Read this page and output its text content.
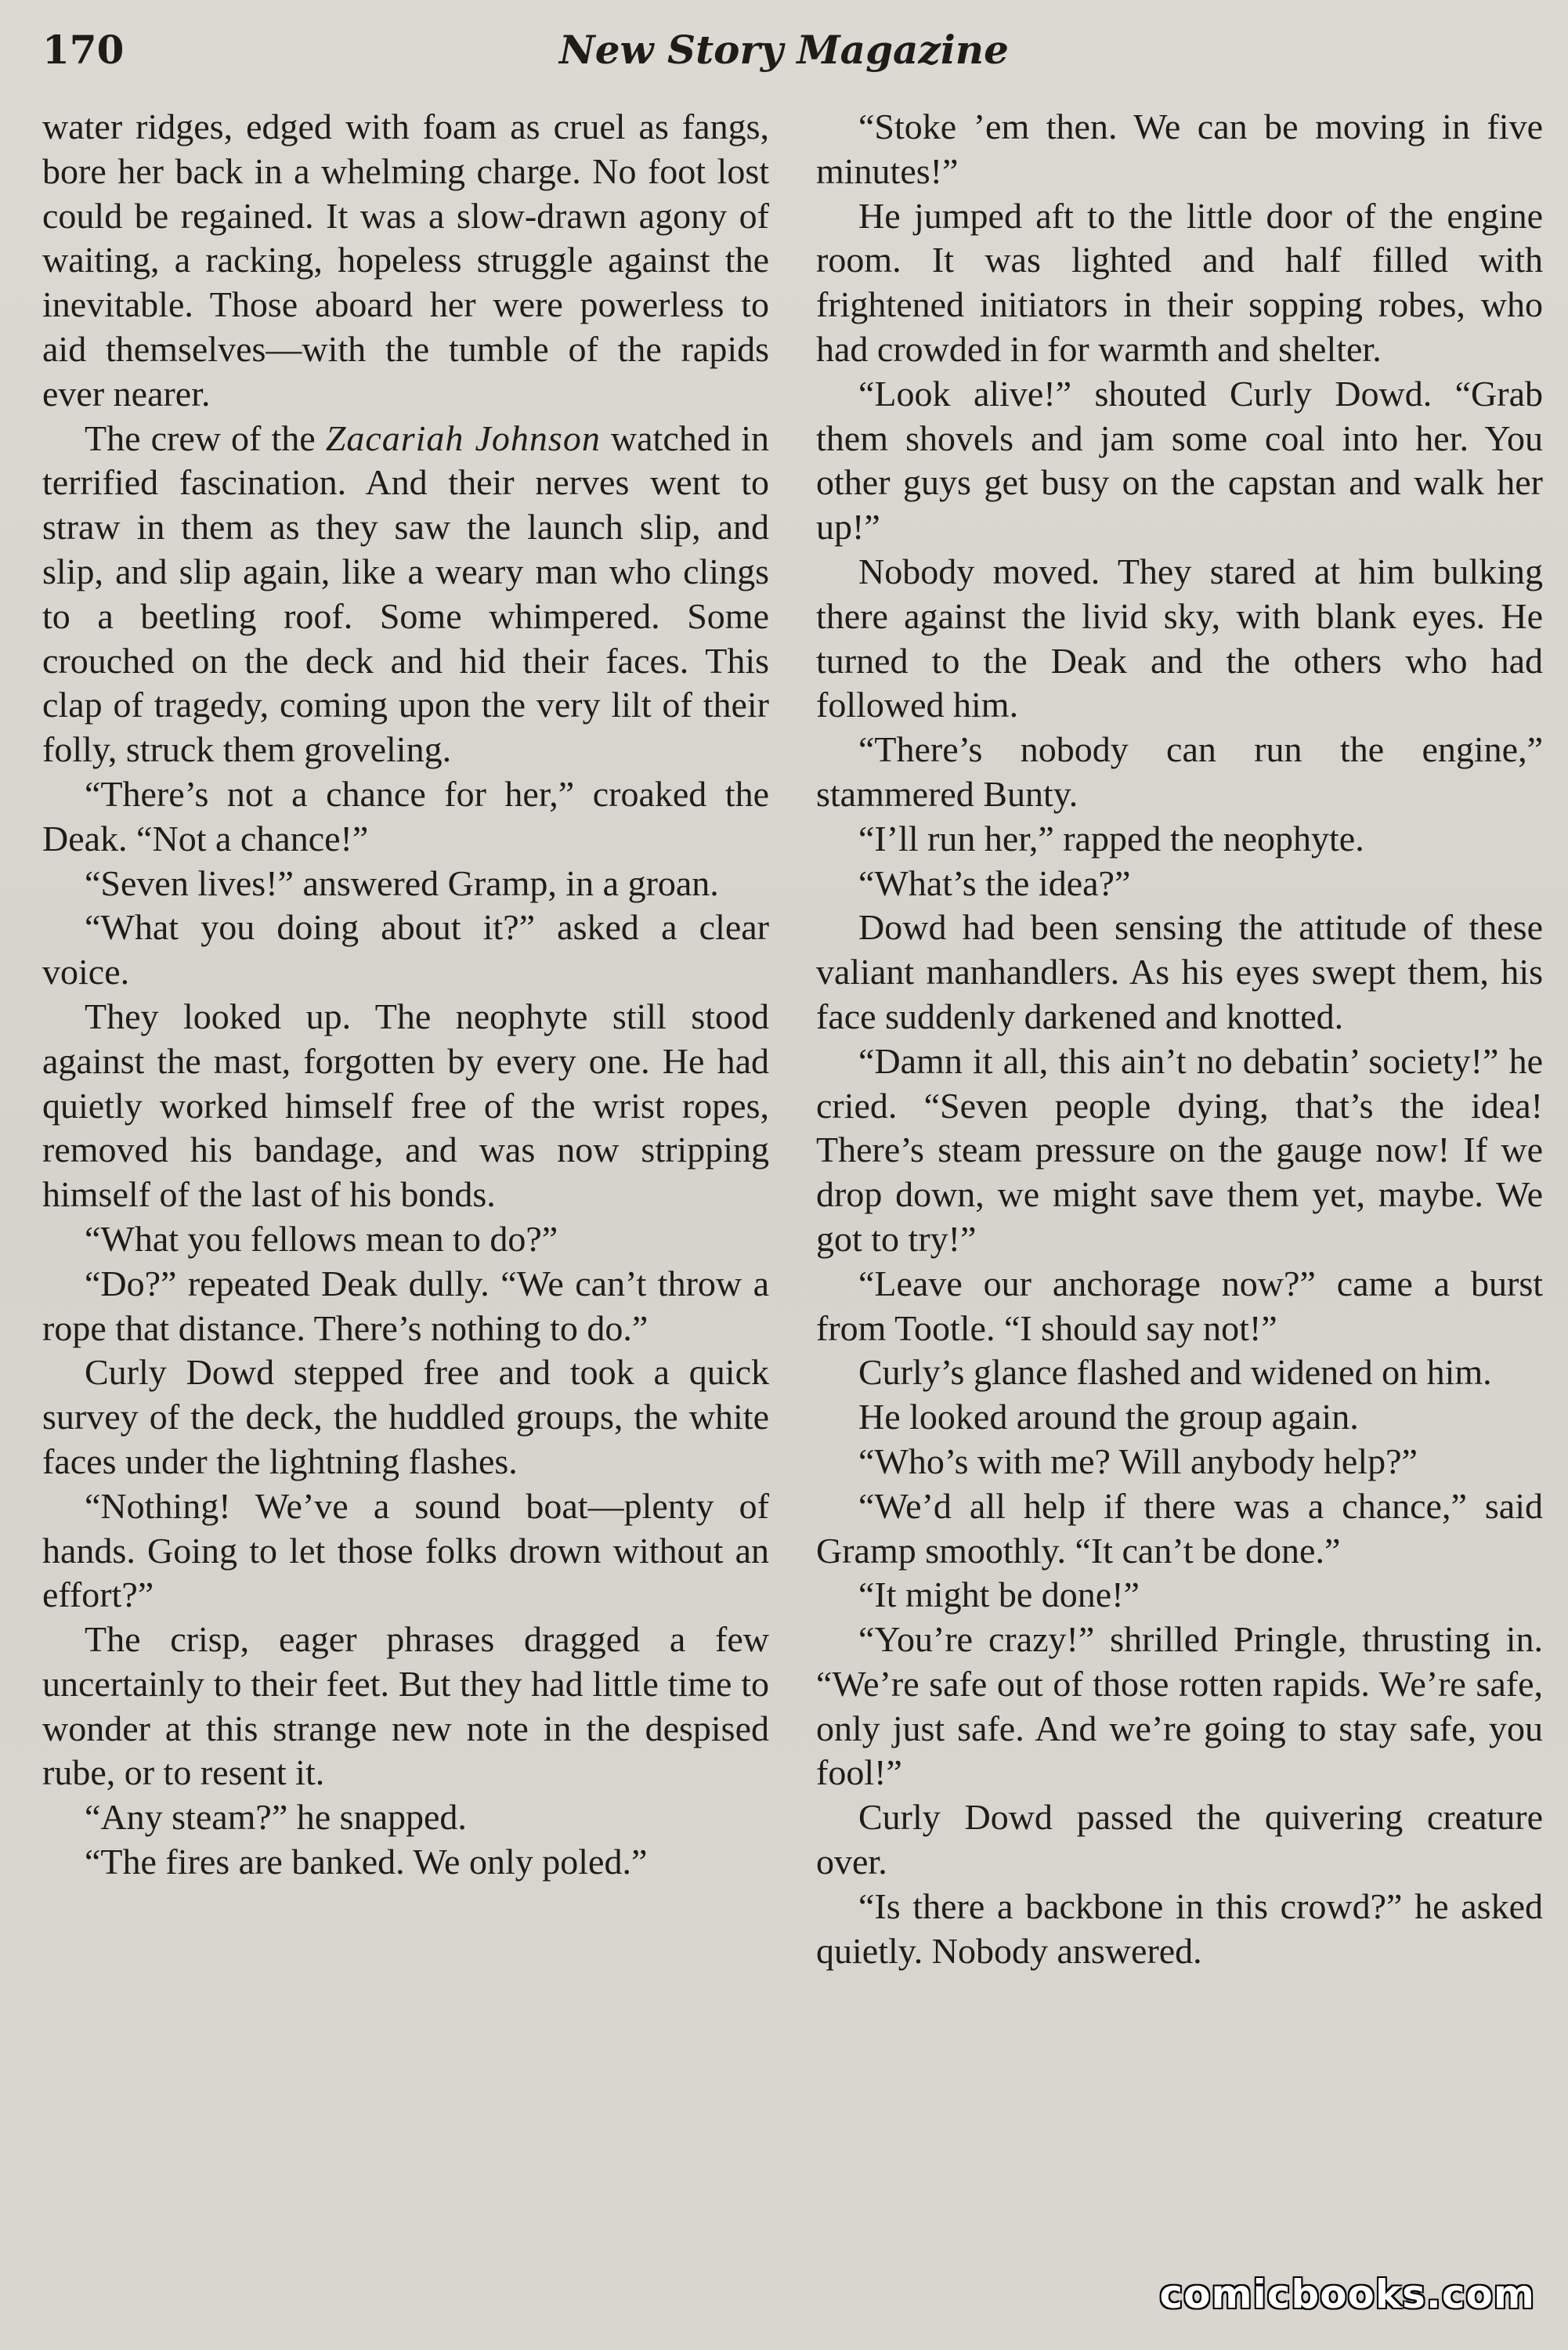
170	New Story Magazine

water ridges, edged with foam as cruel as fangs, bore her back in a whelming charge. No foot lost could be regained. It was a slow-drawn agony of waiting, a racking, hopeless struggle against the inevitable. Those aboard her were powerless to aid themselves—with the tumble of the rapids ever nearer.

The crew of the Zacariah Johnson watched in terrified fascination. And their nerves went to straw in them as they saw the launch slip, and slip, and slip again, like a weary man who clings to a beetling roof. Some whimpered. Some crouched on the deck and hid their faces. This clap of tragedy, coming upon the very lilt of their folly, struck them groveling.

“There’s not a chance for her,” croaked the Deak. “Not a chance!”

“Seven lives!” answered Gramp, in a groan.

“What you doing about it?” asked a clear voice.

They looked up. The neophyte still stood against the mast, forgotten by every one. He had quietly worked himself free of the wrist ropes, removed his bandage, and was now stripping himself of the last of his bonds.

“What you fellows mean to do?”

“Do?” repeated Deak dully. “We can’t throw a rope that distance. There’s nothing to do.”

Curly Dowd stepped free and took a quick survey of the deck, the huddled groups, the white faces under the lightning flashes.

“Nothing! We’ve a sound boat—plenty of hands. Going to let those folks drown without an effort?”

The crisp, eager phrases dragged a few uncertainly to their feet. But they had little time to wonder at this strange new note in the despised rube, or to resent it.

“Any steam?” he snapped.

“The fires are banked. We only poled.”

“Stoke ’em then. We can be moving in five minutes!”

He jumped aft to the little door of the engine room. It was lighted and half filled with frightened initiators in their sopping robes, who had crowded in for warmth and shelter.

“Look alive!” shouted Curly Dowd. “Grab them shovels and jam some coal into her. You other guys get busy on the capstan and walk her up!”

Nobody moved. They stared at him bulking there against the livid sky, with blank eyes. He turned to the Deak and the others who had followed him.

“There’s nobody can run the engine,” stammered Bunty.

“I’ll run her,” rapped the neophyte.

“What’s the idea?”

Dowd had been sensing the attitude of these valiant manhandlers. As his eyes swept them, his face suddenly darkened and knotted.

“Damn it all, this ain’t no debatin’ society!” he cried. “Seven people dying, that’s the idea! There’s steam pressure on the gauge now! If we drop down, we might save them yet, maybe. We got to try!”

“Leave our anchorage now?” came a burst from Tootle. “I should say not!”

Curly’s glance flashed and widened on him.

He looked around the group again.

“Who’s with me? Will anybody help?”

“We’d all help if there was a chance,” said Gramp smoothly. “It can’t be done.”

“It might be done!”

“You’re crazy!” shrilled Pringle, thrusting in. “We’re safe out of those rotten rapids. We’re safe, only just safe. And we’re going to stay safe, you fool!”

Curly Dowd passed the quivering creature over.

“Is there a backbone in this crowd?” he asked quietly. Nobody answered.

comicbooks.com
